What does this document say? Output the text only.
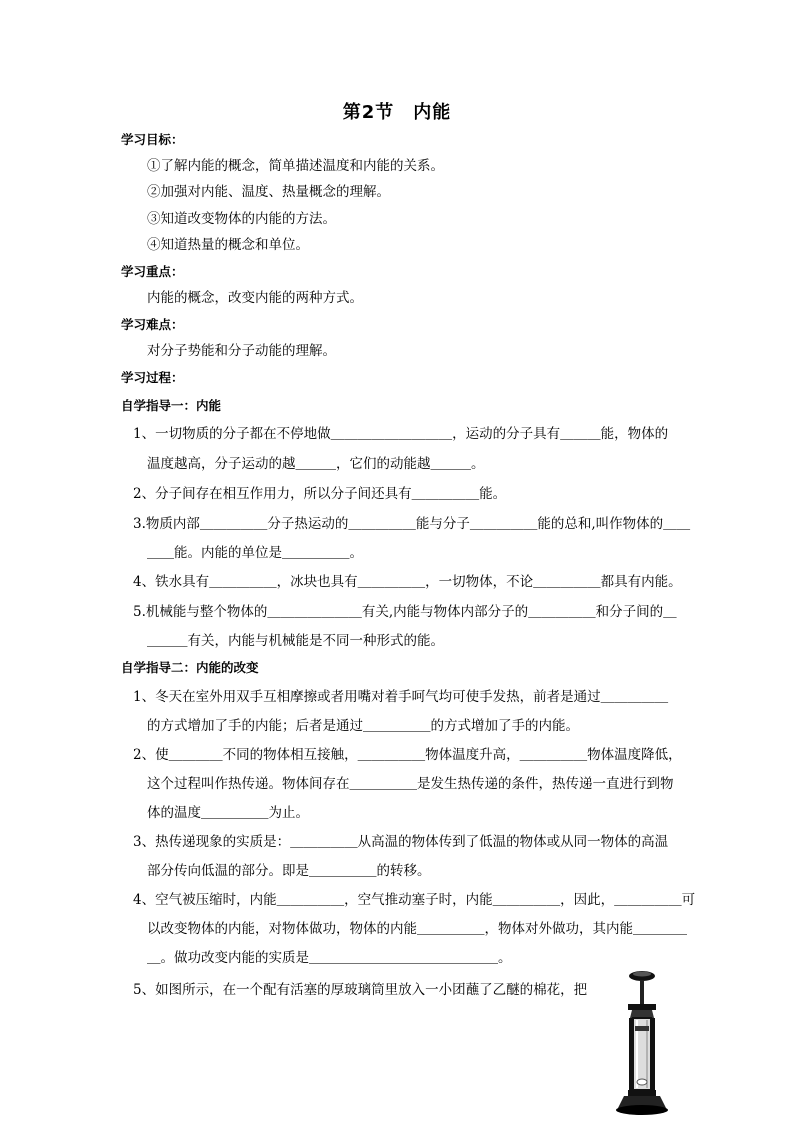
第2节　内能
学习目标：
①了解内能的概念，简单描述温度和内能的关系。
②加强对内能、温度、热量概念的理解。
③知道改变物体的内能的方法。
④知道热量的概念和单位。
学习重点：
内能的概念，改变内能的两种方式。
学习难点：
对分子势能和分子动能的理解。
学习过程：
自学指导一：内能
1、一切物质的分子都在不停地做＿＿＿＿＿＿＿＿＿，运动的分子具有＿＿＿能，物体的
温度越高，分子运动的越＿＿＿，它们的动能越＿＿＿。
2、分子间存在相互作用力，所以分子间还具有＿＿＿＿＿能。
3.物质内部＿＿＿＿＿分子热运动的＿＿＿＿＿能与分子＿＿＿＿＿能的总和,叫作物体的＿＿
＿＿能。内能的单位是＿＿＿＿＿。
4、铁水具有＿＿＿＿＿，冰块也具有＿＿＿＿＿，一切物体，不论＿＿＿＿＿都具有内能。
5.机械能与整个物体的＿＿＿＿＿＿＿有关,内能与物体内部分子的＿＿＿＿＿和分子间的＿
＿＿＿有关，内能与机械能是不同一种形式的能。
自学指导二：内能的改变
1、冬天在室外用双手互相摩擦或者用嘴对着手呵气均可使手发热，前者是通过＿＿＿＿＿
的方式增加了手的内能；后者是通过＿＿＿＿＿的方式增加了手的内能。
2、使＿＿＿＿不同的物体相互接触，＿＿＿＿＿物体温度升高，＿＿＿＿＿物体温度降低，
这个过程叫作热传递。物体间存在＿＿＿＿＿是发生热传递的条件，热传递一直进行到物
体的温度＿＿＿＿＿为止。
3、热传递现象的实质是：＿＿＿＿＿从高温的物体传到了低温的物体或从同一物体的高温
部分传向低温的部分。即是＿＿＿＿＿的转移。
4、空气被压缩时，内能＿＿＿＿＿，空气推动塞子时，内能＿＿＿＿＿，因此，＿＿＿＿＿可
以改变物体的内能，对物体做功，物体的内能＿＿＿＿＿，物体对外做功，其内能＿＿＿＿
＿。做功改变内能的实质是＿＿＿＿＿＿＿＿＿＿＿＿＿＿。
5、如图所示，在一个配有活塞的厚玻璃筒里放入一小团蘸了乙醚的棉花，把
